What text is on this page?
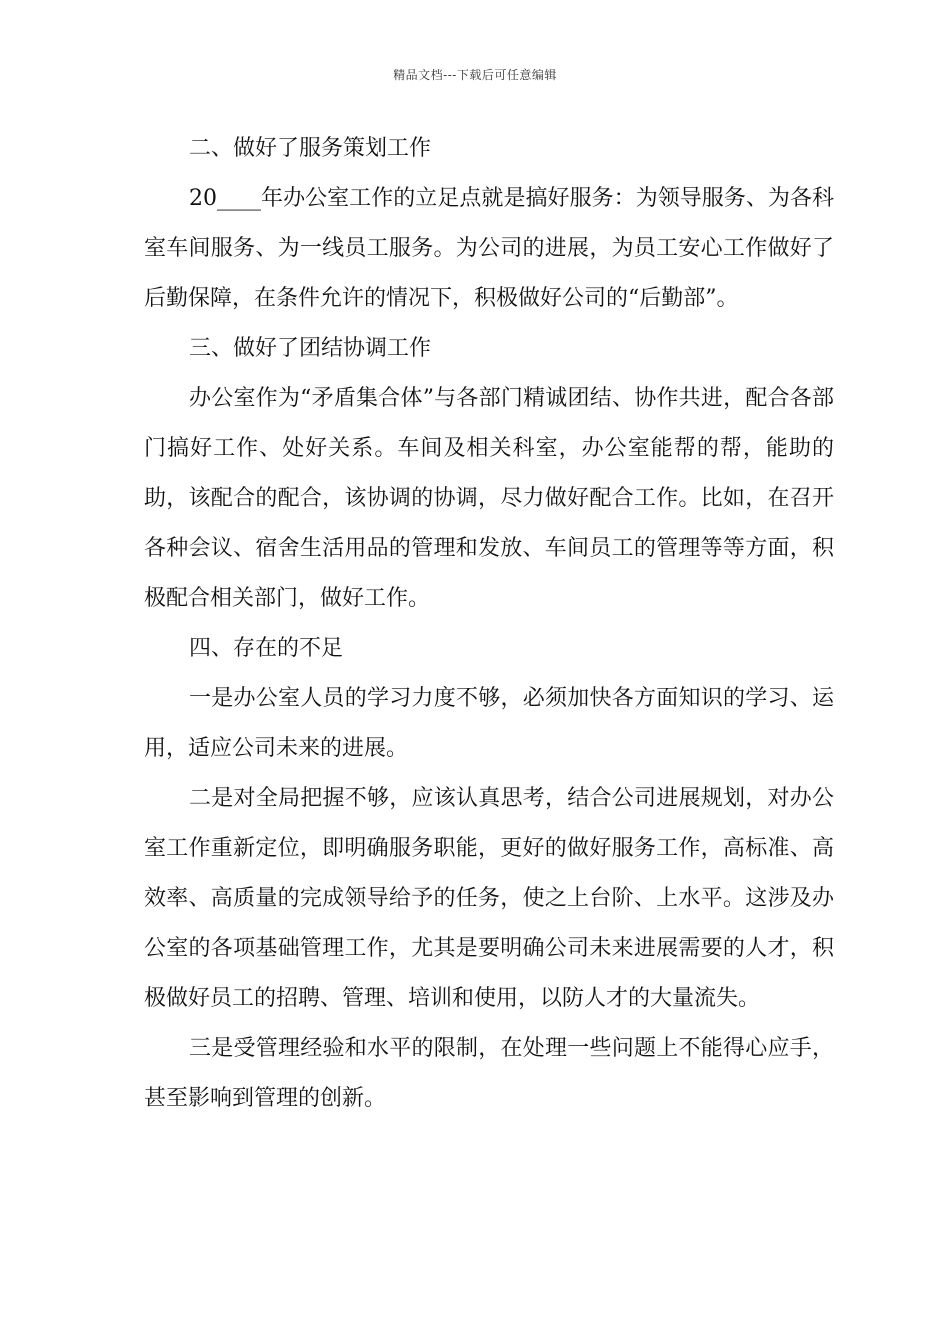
精品文档---下载后可任意编辑

二、做好了服务策划工作

20____年办公室工作的立足点就是搞好服务：为领导服务、为各科室车间服务、为一线员工服务。为公司的进展，为员工安心工作做好了后勤保障，在条件允许的情况下，积极做好公司的“后勤部”。

三、做好了团结协调工作

办公室作为“矛盾集合体”与各部门精诚团结、协作共进，配合各部门搞好工作、处好关系。车间及相关科室，办公室能帮的帮，能助的助，该配合的配合，该协调的协调，尽力做好配合工作。比如，在召开各种会议、宿舍生活用品的管理和发放、车间员工的管理等等方面，积极配合相关部门，做好工作。

四、存在的不足

一是办公室人员的学习力度不够，必须加快各方面知识的学习、运用，适应公司未来的进展。

二是对全局把握不够，应该认真思考，结合公司进展规划，对办公室工作重新定位，即明确服务职能，更好的做好服务工作，高标准、高效率、高质量的完成领导给予的任务，使之上台阶、上水平。这涉及办公室的各项基础管理工作，尤其是要明确公司未来进展需要的人才，积极做好员工的招聘、管理、培训和使用，以防人才的大量流失。

三是受管理经验和水平的限制，在处理一些问题上不能得心应手，甚至影响到管理的创新。
